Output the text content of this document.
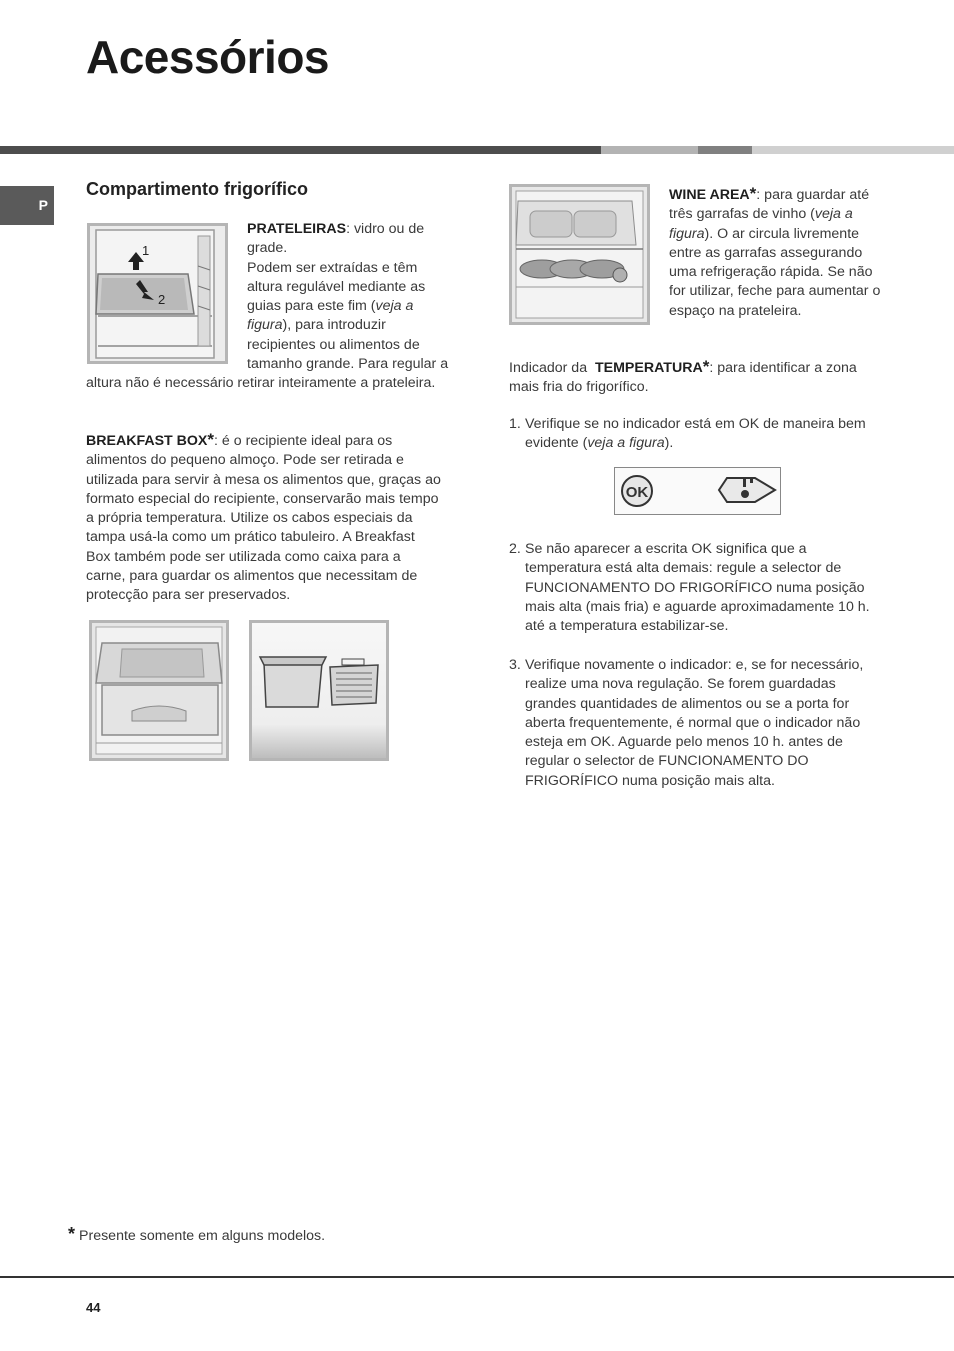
Acessórios
P
Compartimento frigorífico
1
2
PRATELEIRAS: vidro ou de
grade.
Podem ser extraídas e têm
altura regulável mediante as
guias para este fim (veja a
figura), para introduzir
recipientes ou alimentos de
tamanho grande. Para regular a
altura não é necessário retirar inteiramente a prateleira.
BREAKFAST BOX*: é o recipiente ideal para os
alimentos do pequeno almoço. Pode ser retirada e
utilizada para servir à mesa os alimentos que, graças ao
formato especial do recipiente, conservarão mais tempo
a própria temperatura. Utilize os cabos especiais da
tampa usá-la como um prático tabuleiro. A Breakfast
Box também pode ser utilizada como caixa para a
carne, para guardar os alimentos que necessitam de
protecção para ser preservados.
WINE AREA*: para guardar até
três garrafas de vinho (veja a
figura). O ar circula livremente
entre as garrafas assegurando
uma refrigeração rápida. Se não
for utilizar, feche para aumentar o
espaço na prateleira.
Indicador da TEMPERATURA*: para identificar a zona
mais fria do frigorífico.
1. Verifique se no indicador está em OK de maneira bem
evidente (veja a figura).
OK
2. Se não aparecer a escrita OK significa que a
temperatura está alta demais: regule a selector de
FUNCIONAMENTO DO FRIGORÍFICO numa posição
mais alta (mais fria) e aguarde aproximadamente 10 h.
até a temperatura estabilizar-se.
3. Verifique novamente o indicador: e, se for necessário,
realize uma nova regulação. Se forem guardadas
grandes quantidades de alimentos ou se a porta for
aberta frequentemente, é normal que o indicador não
esteja em OK. Aguarde pelo menos 10 h. antes de
regular o selector de FUNCIONAMENTO DO
FRIGORÍFICO numa posição mais alta.
* Presente somente em alguns modelos.
44
